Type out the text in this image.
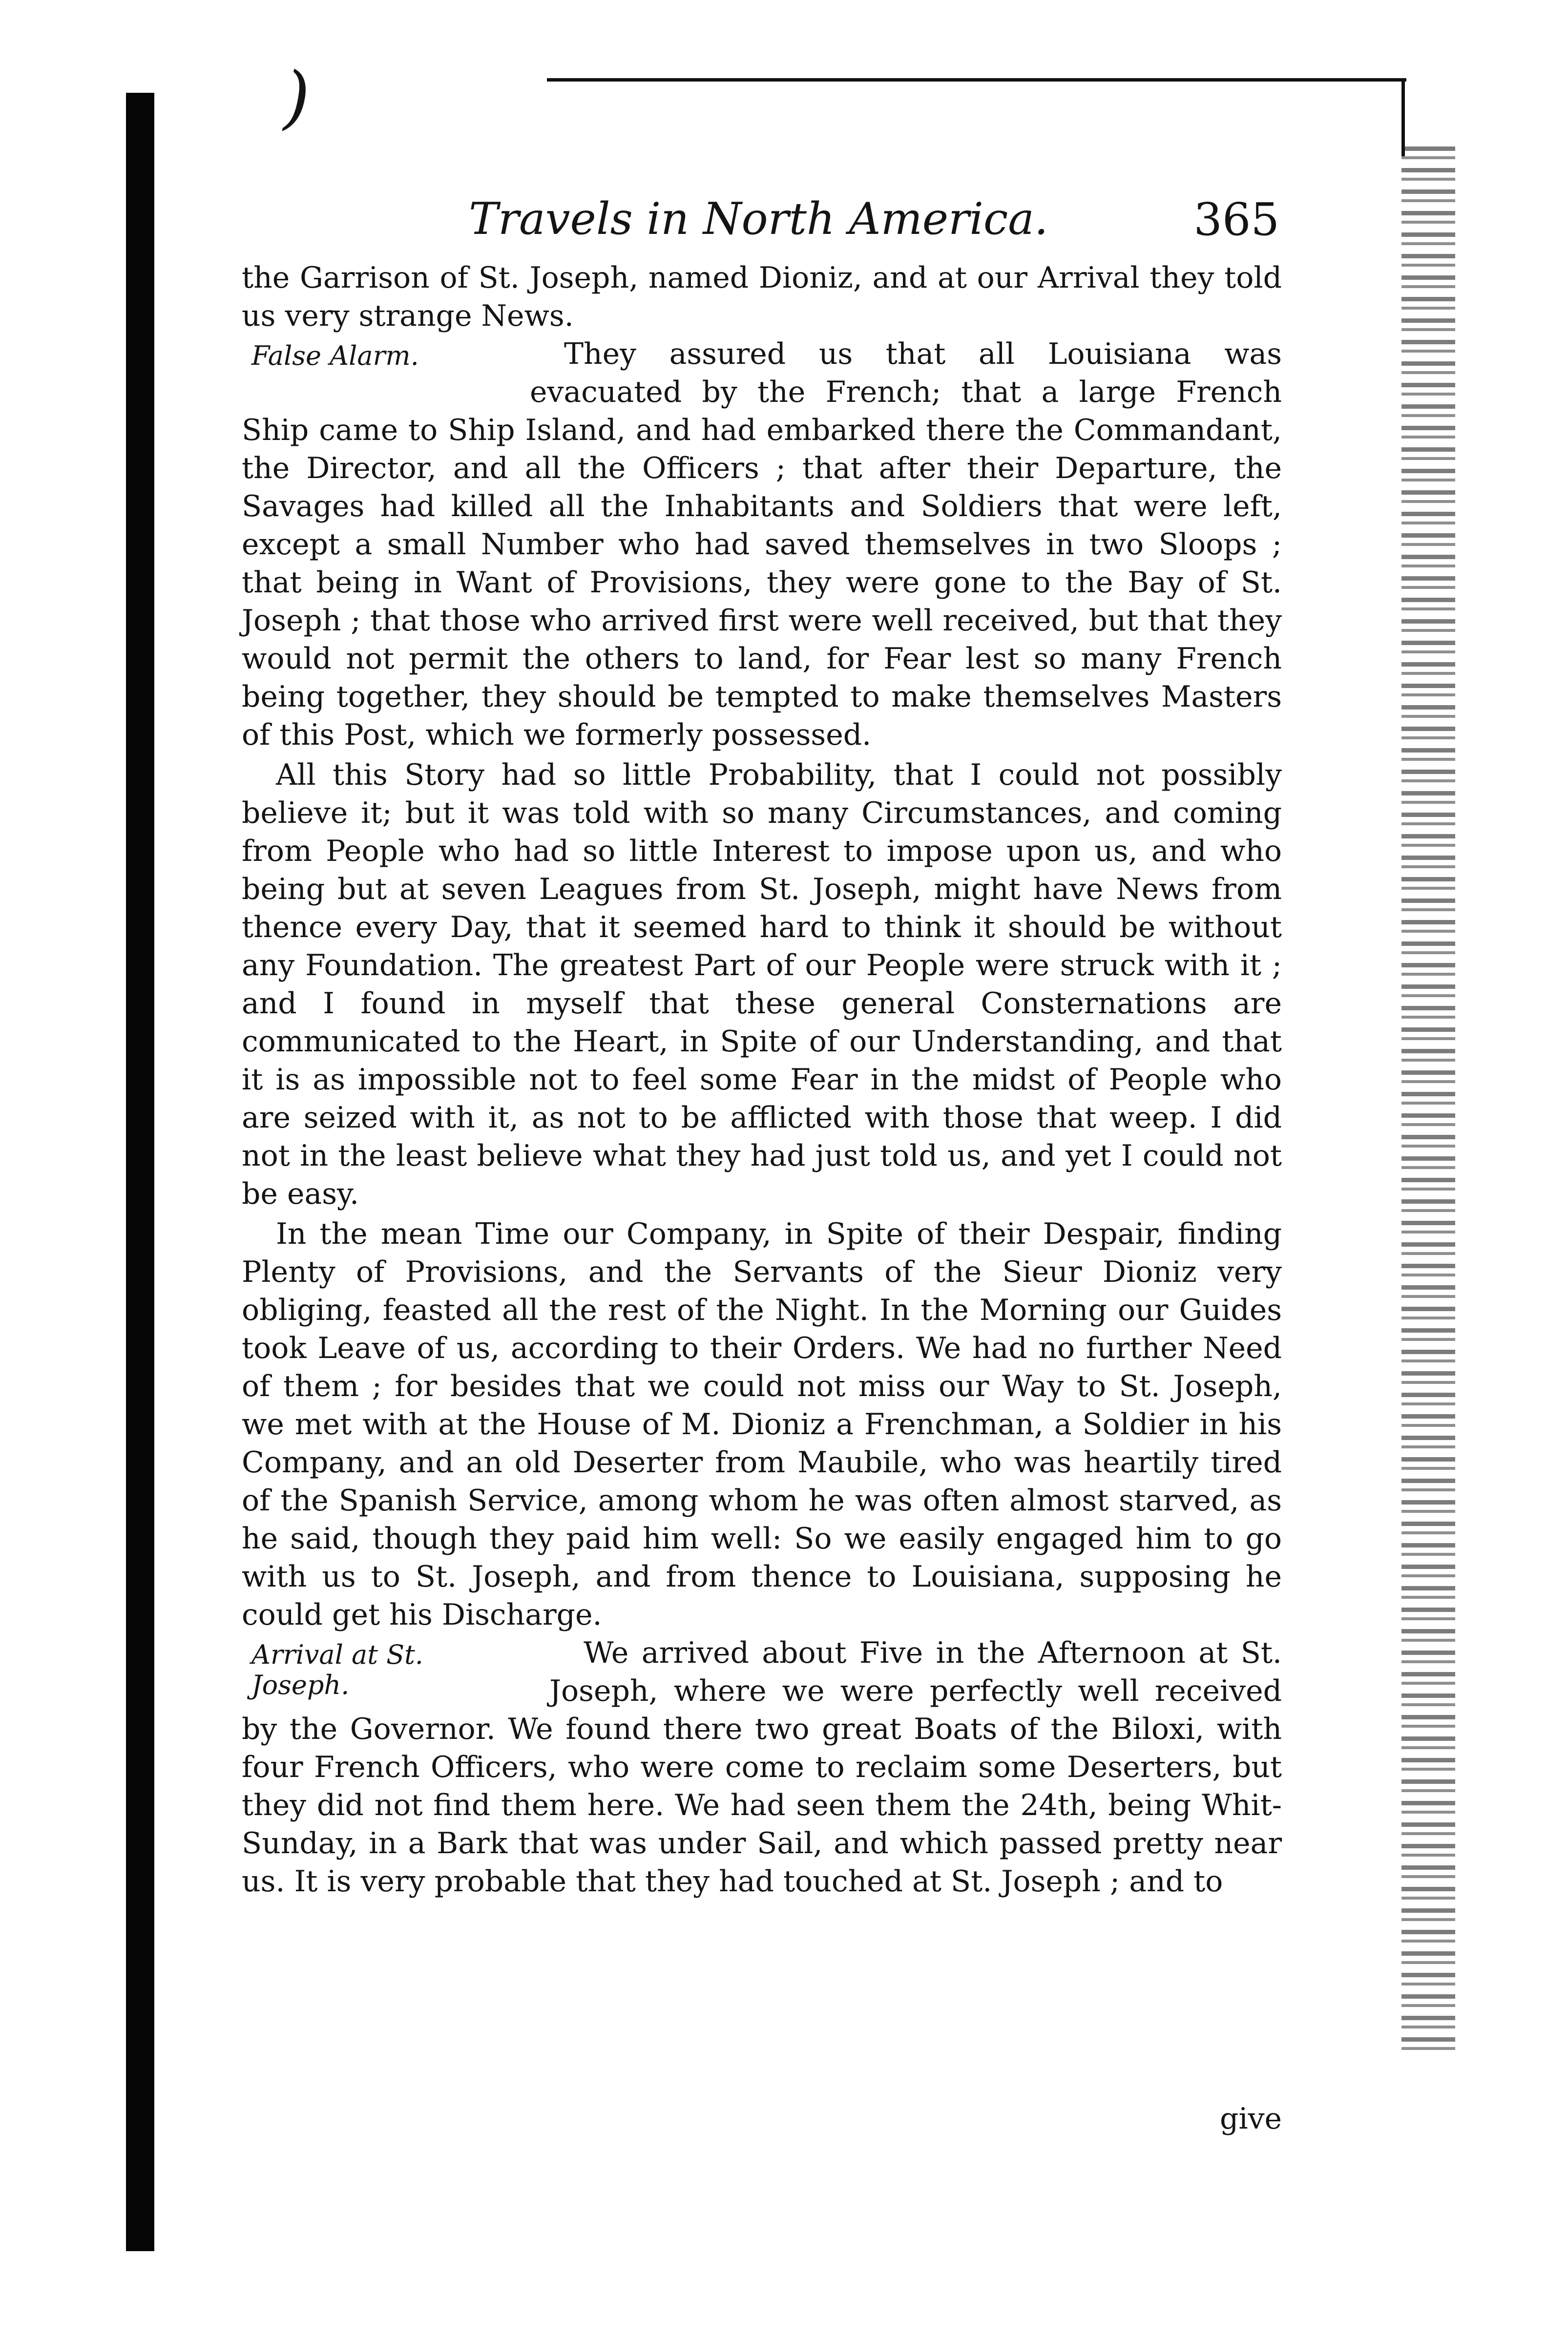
)
Travels in North America.	365

the Garrison of St. Joseph, named Dioniz, and at our Arrival they told us very strange News.

False Alarm.	They assured us that all Louisiana was evacuated by the French; that a large French Ship came to Ship Island, and had embarked there the Commandant, the Director, and all the Officers ; that after their Departure, the Savages had killed all the Inhabitants and Soldiers that were left, except a small Number who had saved themselves in two Sloops ; that being in Want of Provisions, they were gone to the Bay of St. Joseph ; that those who arrived first were well received, but that they would not permit the others to land, for Fear lest so many French being together, they should be tempted to make themselves Masters of this Post, which we formerly possessed.

All this Story had so little Probability, that I could not possibly believe it; but it was told with so many Circumstances, and coming from People who had so little Interest to impose upon us, and who being but at seven Leagues from St. Joseph, might have News from thence every Day, that it seemed hard to think it should be without any Foundation. The greatest Part of our People were struck with it ; and I found in myself that these general Consternations are communicated to the Heart, in Spite of our Understanding, and that it is as impossible not to feel some Fear in the midst of People who are seized with it, as not to be afflicted with those that weep. I did not in the least believe what they had just told us, and yet I could not be easy.

In the mean Time our Company, in Spite of their Despair, finding Plenty of Provisions, and the Servants of the Sieur Dioniz very obliging, feasted all the rest of the Night. In the Morning our Guides took Leave of us, according to their Orders. We had no further Need of them ; for besides that we could not miss our Way to St. Joseph, we met with at the House of M. Dioniz a Frenchman, a Soldier in his Company, and an old Deserter from Maubile, who was heartily tired of the Spanish Service, among whom he was often almost starved, as he said, though they paid him well: So we easily engaged him to go with us to St. Joseph, and from thence to Louisiana, supposing he could get his Discharge.

Arrival at St. Joseph.

We arrived about Five in the Afternoon at St. Joseph, where we were perfectly well received by the Governor. We found there two great Boats of the Biloxi, with four French Officers, who were come to reclaim some Deserters, but they did not find them here. We had seen them the 24th, being Whit-Sunday, in a Bark that was under Sail, and which passed pretty near us. It is very probable that they had touched at St. Joseph ; and to

give
